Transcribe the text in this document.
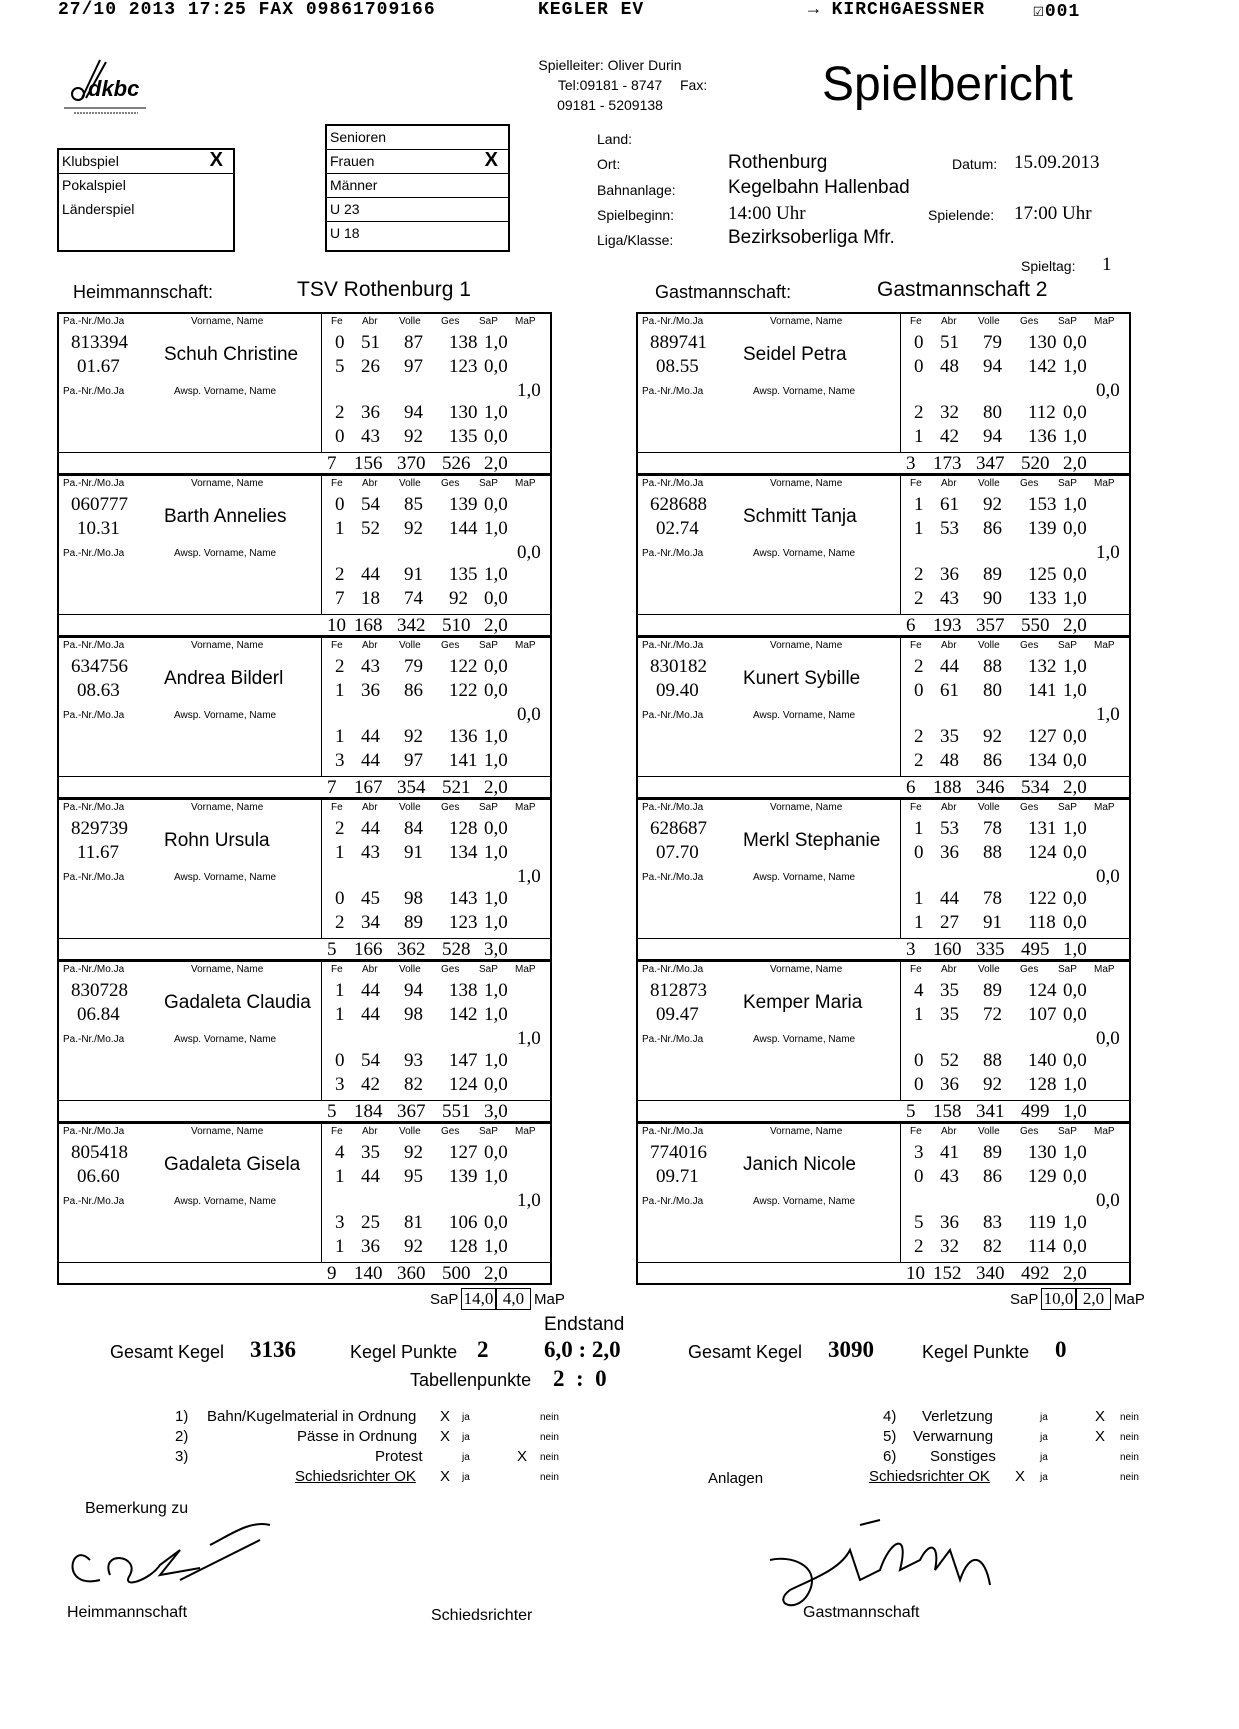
27/10 2013 17:25 FAX 09861709166	KEGLER EV	→ KIRCHGAESSNER	☑001
dkbc
Spielleiter: Oliver Durin
Tel:09181 - 8747 Fax:
09181 - 5209138	Spielbericht
Klubspiel	X
Pokalspiel
Länderspiel
Senioren
Frauen	X
Männer
U 23
U 18
Land:
Ort:	Rothenburg	Datum: 15.09.2013
Bahnanlage:	Kegelbahn Hallenbad
Spielbeginn:	14:00 Uhr	Spielende: 17:00 Uhr
Liga/Klasse:	Bezirksoberliga Mfr.
Spieltag: 1
Heimmannschaft:	TSV Rothenburg 1	Gastmannschaft:	Gastmannschaft 2
Pa.-Nr./Mo.Ja	Vorname, Name
Pa.-Nr./Mo.Ja	Awsp. Vorname, Name
Fe Abr Volle Ges SaP MaP
813394
01.67
Schuh Christine
0 51 87 138 1,0
5 26 97 123 0,0
2 36 94 130 1,0
0 43 92 135 0,0
1,0
7 156 370 526 2,0
Pa.-Nr./Mo.Ja	Vorname, Name
Pa.-Nr./Mo.Ja	Awsp. Vorname, Name
Fe Abr Volle Ges SaP MaP
060777
10.31
Barth Annelies
0 54 85 139 0,0
1 52 92 144 1,0
2 44 91 135 1,0
7 18 74 92 0,0
0,0
10 168 342 510 2,0
Pa.-Nr./Mo.Ja	Vorname, Name
Pa.-Nr./Mo.Ja	Awsp. Vorname, Name
Fe Abr Volle Ges SaP MaP
634756
08.63
Andrea Bilderl
2 43 79 122 0,0
1 36 86 122 0,0
1 44 92 136 1,0
3 44 97 141 1,0
0,0
7 167 354 521 2,0
Pa.-Nr./Mo.Ja	Vorname, Name
Pa.-Nr./Mo.Ja	Awsp. Vorname, Name
Fe Abr Volle Ges SaP MaP
829739
11.67
Rohn Ursula
2 44 84 128 0,0
1 43 91 134 1,0
0 45 98 143 1,0
2 34 89 123 1,0
1,0
5 166 362 528 3,0
Pa.-Nr./Mo.Ja	Vorname, Name
Pa.-Nr./Mo.Ja	Awsp. Vorname, Name
Fe Abr Volle Ges SaP MaP
830728
06.84
Gadaleta Claudia
1 44 94 138 1,0
1 44 98 142 1,0
0 54 93 147 1,0
3 42 82 124 0,0
1,0
5 184 367 551 3,0
Pa.-Nr./Mo.Ja	Vorname, Name
Pa.-Nr./Mo.Ja	Awsp. Vorname, Name
Fe Abr Volle Ges SaP MaP
805418
06.60
Gadaleta Gisela
4 35 92 127 0,0
1 44 95 139 1,0
3 25 81 106 0,0
1 36 92 128 1,0
1,0
9 140 360 500 2,0
Pa.-Nr./Mo.Ja	Vorname, Name
Pa.-Nr./Mo.Ja	Awsp. Vorname, Name
Fe Abr Volle Ges SaP MaP
889741
08.55
Seidel Petra
0 51 79 130 0,0
0 48 94 142 1,0
2 32 80 112 0,0
1 42 94 136 1,0
0,0
3 173 347 520 2,0
Pa.-Nr./Mo.Ja	Vorname, Name
Pa.-Nr./Mo.Ja	Awsp. Vorname, Name
Fe Abr Volle Ges SaP MaP
628688
02.74
Schmitt Tanja
1 61 92 153 1,0
1 53 86 139 0,0
2 36 89 125 0,0
2 43 90 133 1,0
1,0
6 193 357 550 2,0
Pa.-Nr./Mo.Ja	Vorname, Name
Pa.-Nr./Mo.Ja	Awsp. Vorname, Name
Fe Abr Volle Ges SaP MaP
830182
09.40
Kunert Sybille
2 44 88 132 1,0
0 61 80 141 1,0
2 35 92 127 0,0
2 48 86 134 0,0
1,0
6 188 346 534 2,0
Pa.-Nr./Mo.Ja	Vorname, Name
Pa.-Nr./Mo.Ja	Awsp. Vorname, Name
Fe Abr Volle Ges SaP MaP
628687
07.70
Merkl Stephanie
1 53 78 131 1,0
0 36 88 124 0,0
1 44 78 122 0,0
1 27 91 118 0,0
0,0
3 160 335 495 1,0
Pa.-Nr./Mo.Ja	Vorname, Name
Pa.-Nr./Mo.Ja	Awsp. Vorname, Name
Fe Abr Volle Ges SaP MaP
812873
09.47
Kemper Maria
4 35 89 124 0,0
1 35 72 107 0,0
0 52 88 140 0,0
0 36 92 128 1,0
0,0
5 158 341 499 1,0
Pa.-Nr./Mo.Ja	Vorname, Name
Pa.-Nr./Mo.Ja	Awsp. Vorname, Name
Fe Abr Volle Ges SaP MaP
774016
09.71
Janich Nicole
3 41 89 130 1,0
0 43 86 129 0,0
5 36 83 119 1,0
2 32 82 114 0,0
0,0
10 152 340 492 2,0
SaP 14,0 4,0 MaP	SaP 10,0 2,0 MaP
Endstand
Gesamt Kegel 3136	Kegel Punkte 2 6,0 : 2,0	Gesamt Kegel 3090	Kegel Punkte 0
Tabellenpunkte 2  :  0
1) Bahn/Kugelmaterial in Ordnung X ja	nein
2)	Pässe in Ordnung X ja	nein
3)	Protest	ja	X nein
Schiedsrichter OK X ja	nein	Anlagen
4) Verletzung	ja	X nein
5) Verwarnung	ja	X nein
6) Sonstiges	ja	nein
Schiedsrichter OK X ja	nein
Bemerkung zu
Heimmannschaft	Schiedsrichter	Gastmannschaft
